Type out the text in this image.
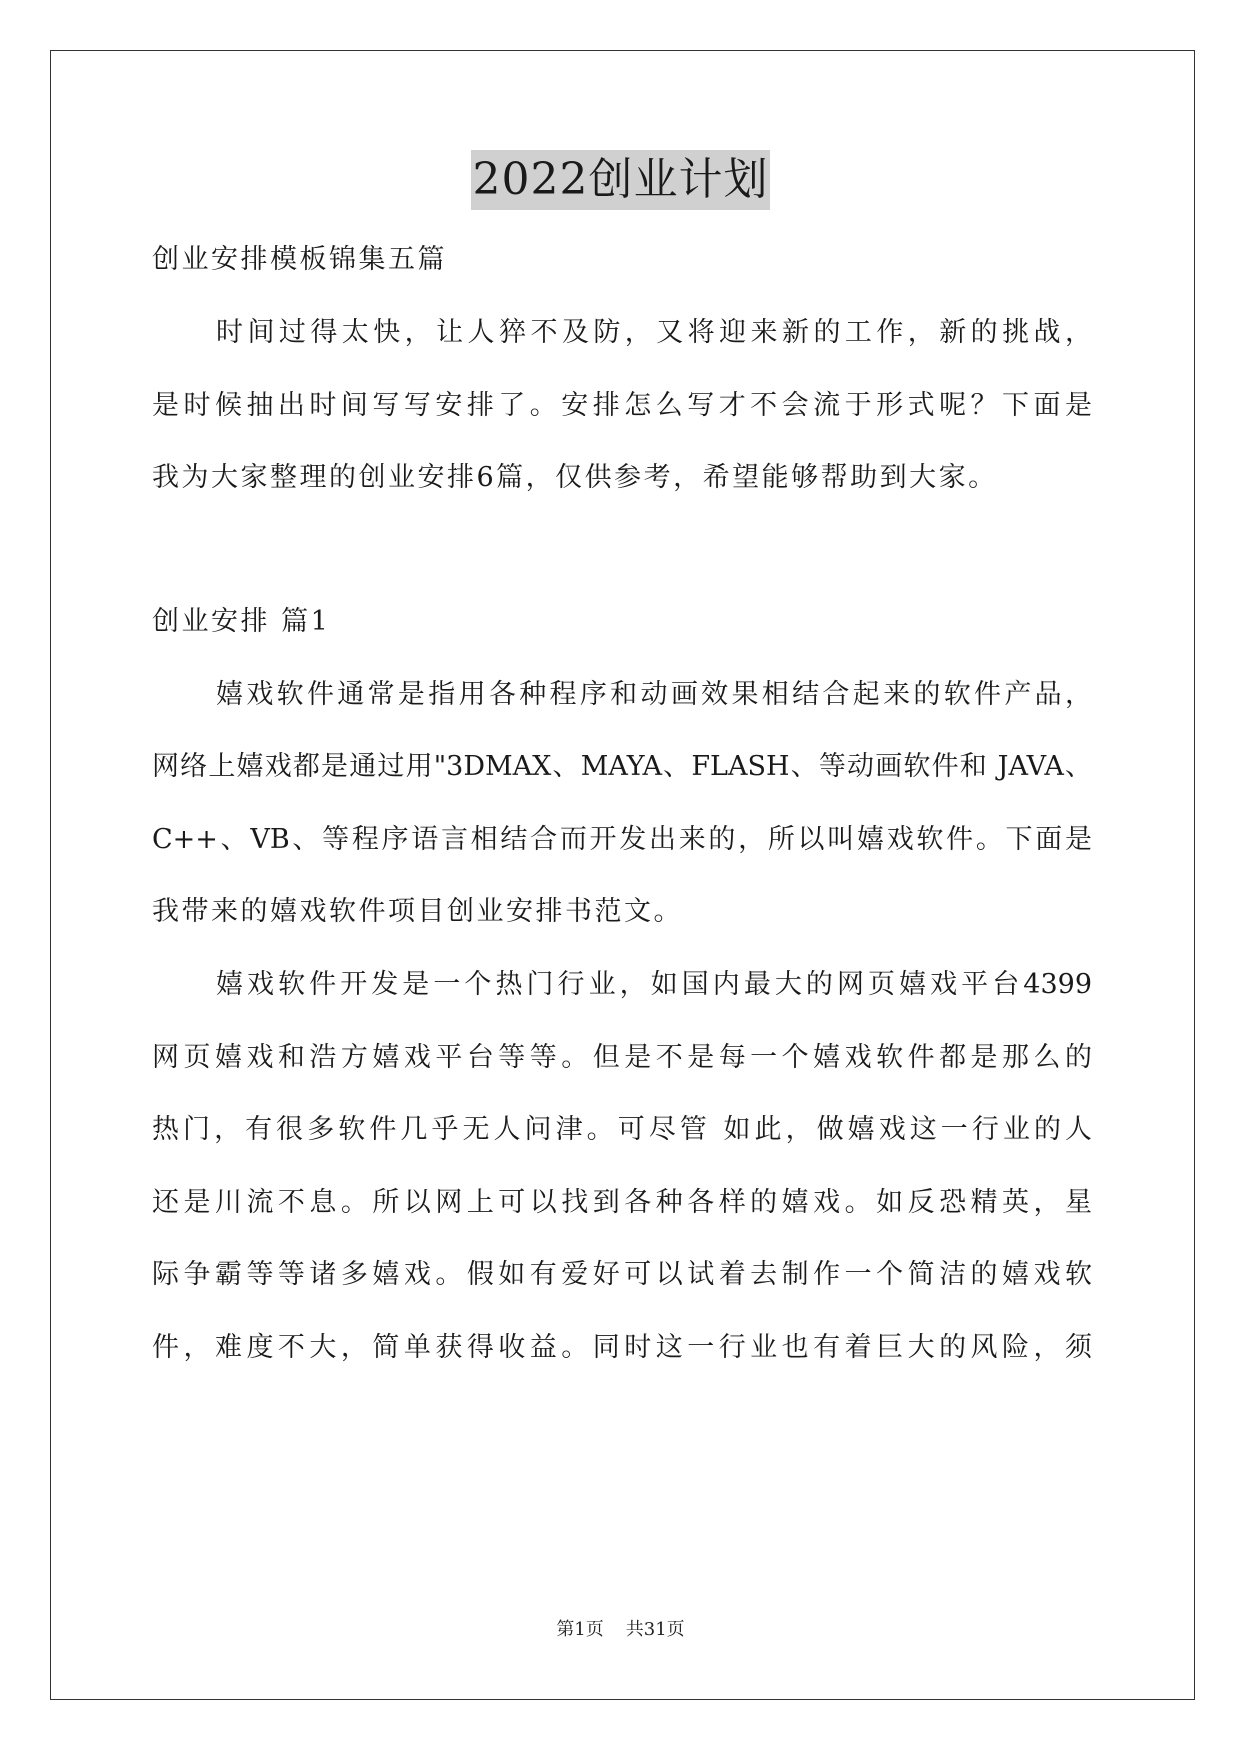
2022创业计划
创业安排模板锦集五篇
时间过得太快，让人猝不及防，又将迎来新的工作，新的挑战，
是时候抽出时间写写安排了。安排怎么写才不会流于形式呢？下面是
我为大家整理的创业安排6篇，仅供参考，希望能够帮助到大家。
创业安排 篇1
嬉戏软件通常是指用各种程序和动画效果相结合起来的软件产品，
网络上嬉戏都是通过用"3DMAX、MAYA、FLASH、等动画软件和 JAVA、
C++、VB、等程序语言相结合而开发出来的，所以叫嬉戏软件。下面是
我带来的嬉戏软件项目创业安排书范文。
嬉戏软件开发是一个热门行业，如国内最大的网页嬉戏平台4399
网页嬉戏和浩方嬉戏平台等等。但是不是每一个嬉戏软件都是那么的
热门，有很多软件几乎无人问津。可尽管 如此，做嬉戏这一行业的人
还是川流不息。所以网上可以找到各种各样的嬉戏。如反恐精英，星
际争霸等等诸多嬉戏。假如有爱好可以试着去制作一个简洁的嬉戏软
件，难度不大，简单获得收益。同时这一行业也有着巨大的风险，须
第1页 共31页
